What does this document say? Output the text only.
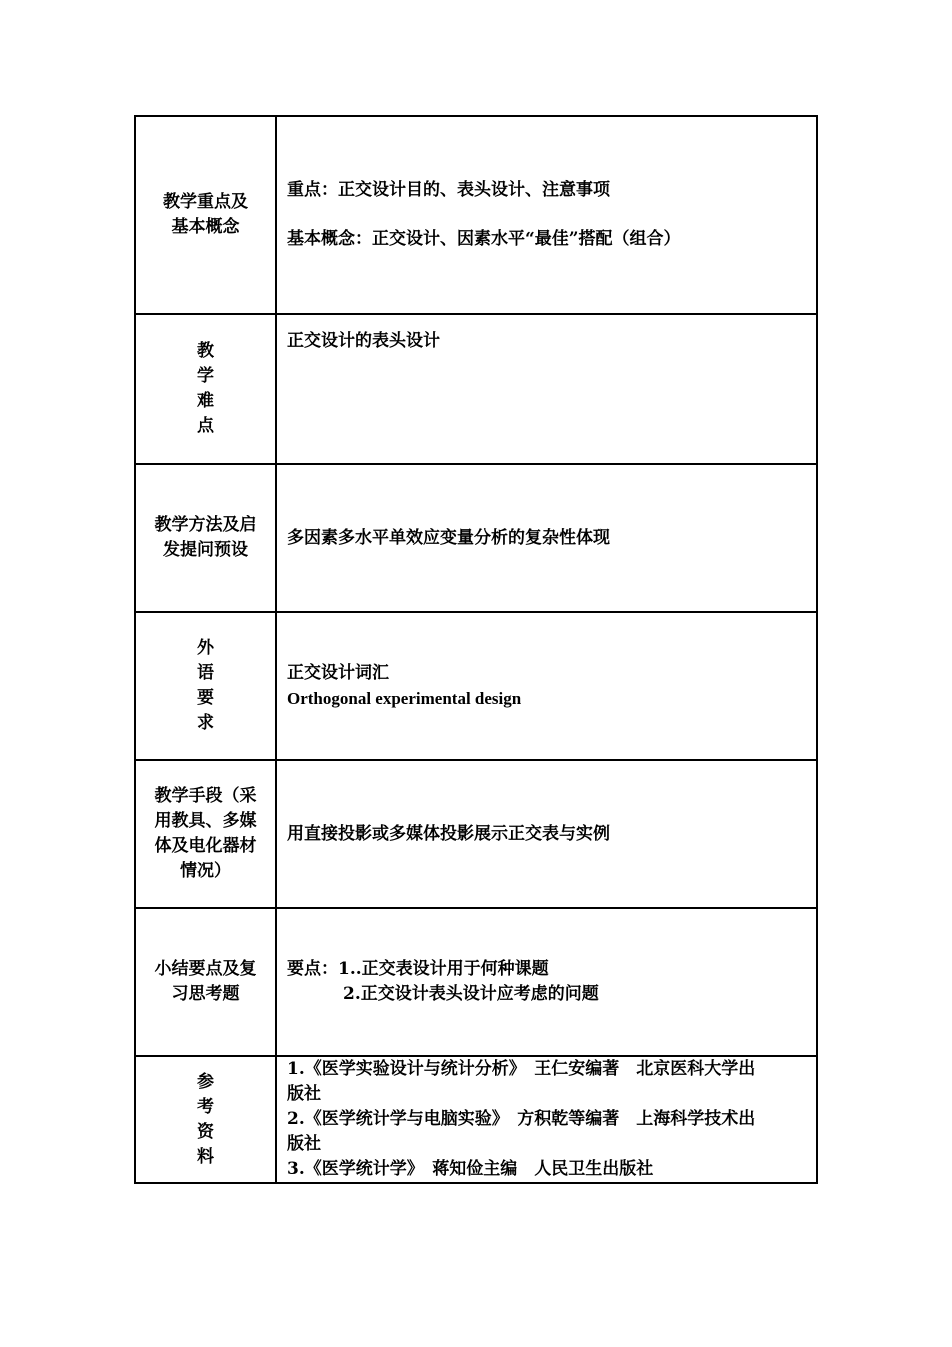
教学重点及
基本概念	重点：正交设计目的、表头设计、注意事项
基本概念：正交设计、因素水平“最佳”搭配（组合）

教
学
难
点	正交设计的表头设计

教学方法及启
发提问预设	多因素多水平单效应变量分析的复杂性体现

外
语
要
求	正交设计词汇
Orthogonal experimental design

教学手段（采
用教具、多媒
体及电化器材
情况）	用直接投影或多媒体投影展示正交表与实例

小结要点及复
习思考题	要点：1..正交表设计用于何种课题
2.正交设计表头设计应考虑的问题

参
考
资
料	1.《医学实验设计与统计分析》　王仁安编著　北京医科大学出
版社
2.《医学统计学与电脑实验》　方积乾等编著　上海科学技术出
版社
3.《医学统计学》　蒋知俭主编　人民卫生出版社
